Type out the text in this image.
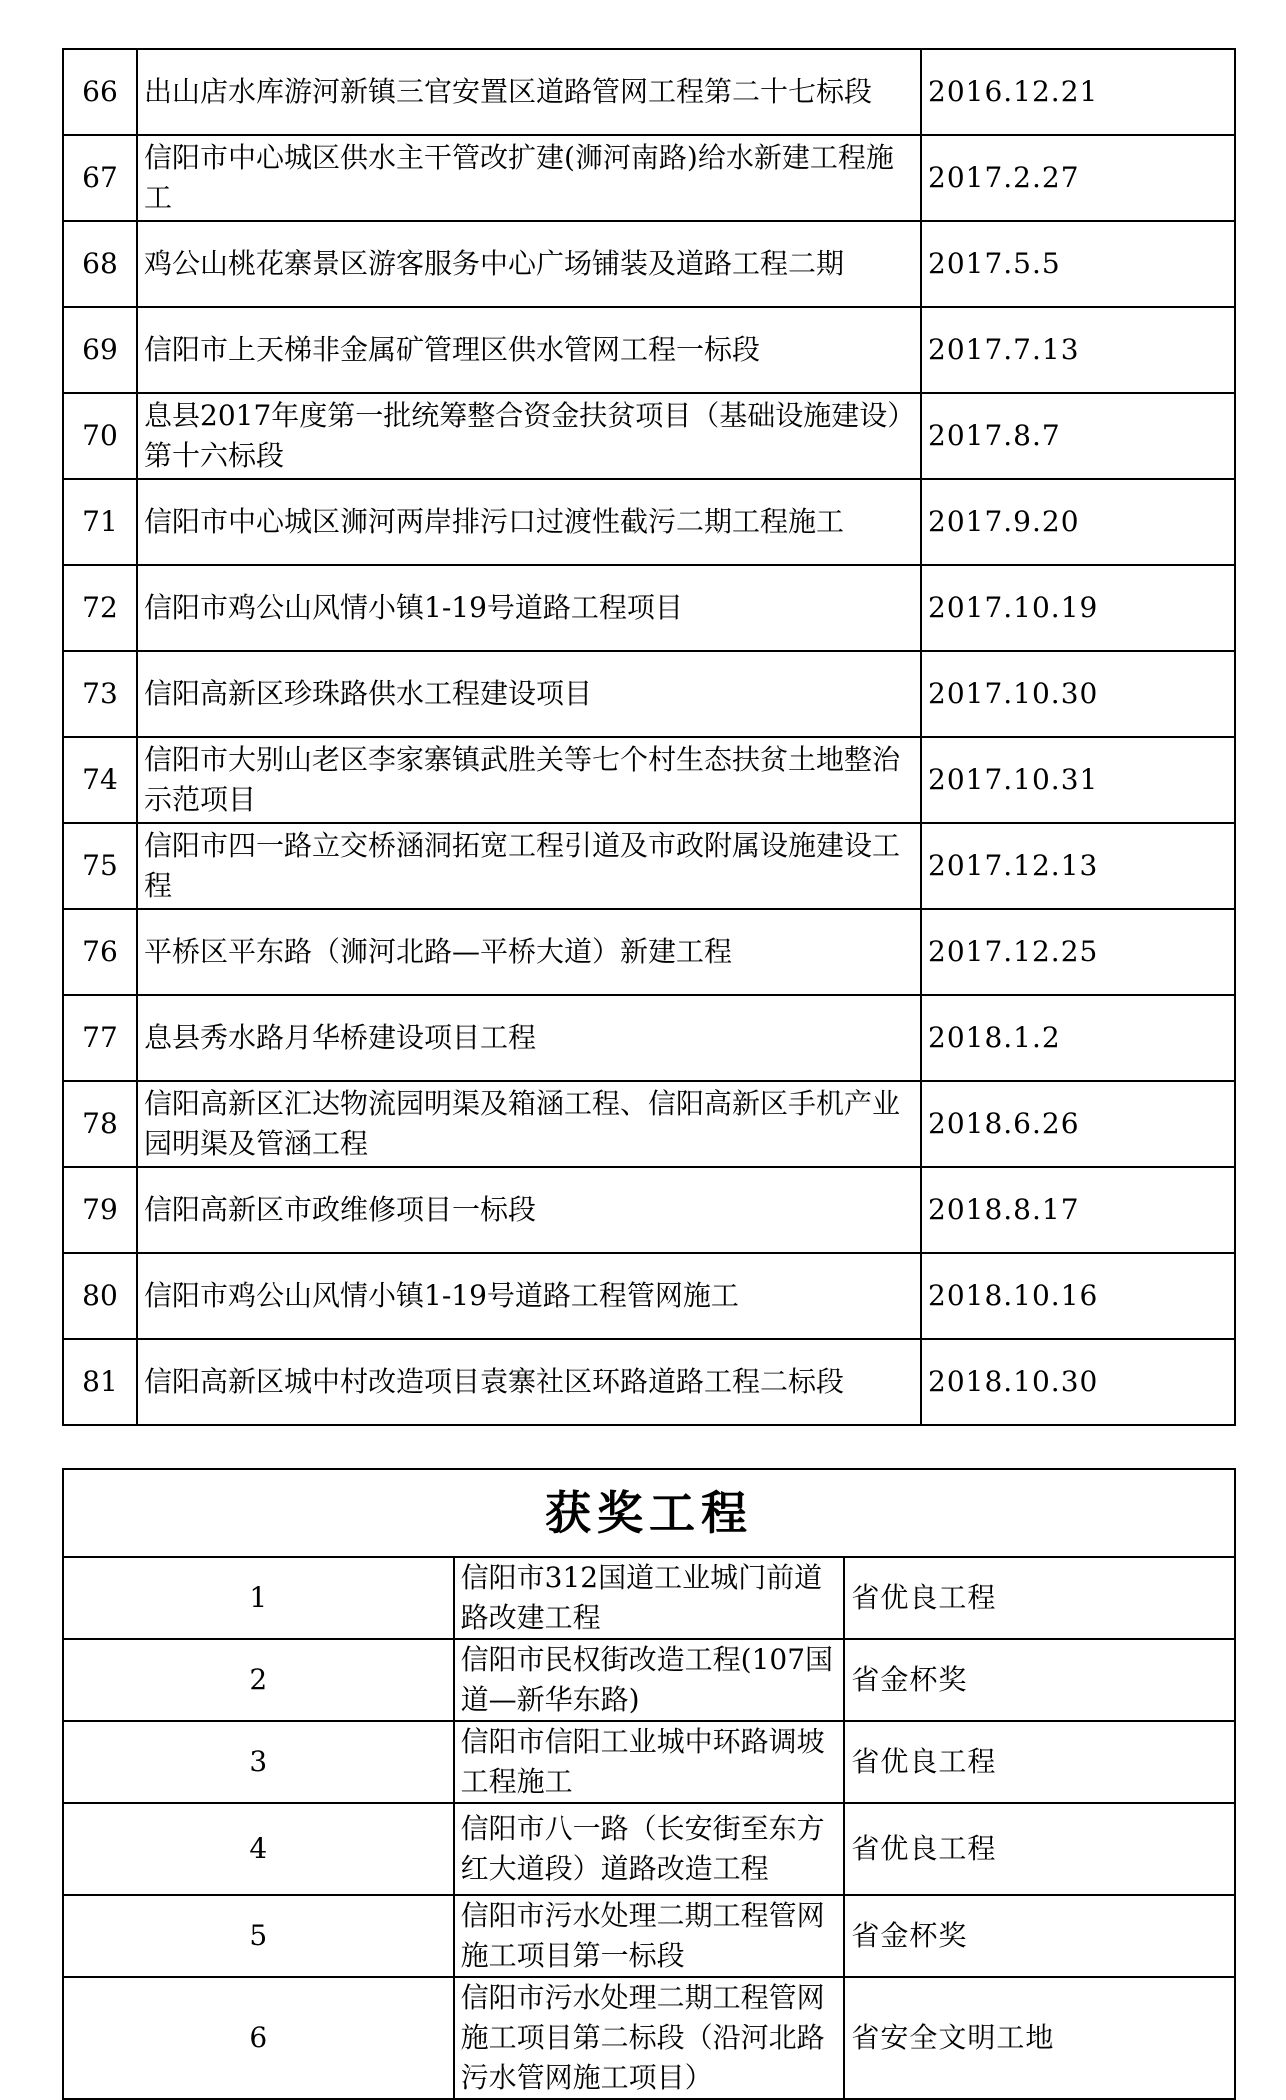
66	出山店水库游河新镇三官安置区道路管网工程第二十七标段	2016.12.21
67	信阳市中心城区供水主干管改扩建(浉河南路)给水新建工程施工	2017.2.27
68	鸡公山桃花寨景区游客服务中心广场铺装及道路工程二期	2017.5.5
69	信阳市上天梯非金属矿管理区供水管网工程一标段	2017.7.13
70	息县2017年度第一批统筹整合资金扶贫项目（基础设施建设）第十六标段	2017.8.7
71	信阳市中心城区浉河两岸排污口过渡性截污二期工程施工	2017.9.20
72	信阳市鸡公山风情小镇1-19号道路工程项目	2017.10.19
73	信阳高新区珍珠路供水工程建设项目	2017.10.30
74	信阳市大别山老区李家寨镇武胜关等七个村生态扶贫土地整治示范项目	2017.10.31
75	信阳市四一路立交桥涵洞拓宽工程引道及市政附属设施建设工程	2017.12.13
76	平桥区平东路（浉河北路—平桥大道）新建工程	2017.12.25
77	息县秀水路月华桥建设项目工程	2018.1.2
78	信阳高新区汇达物流园明渠及箱涵工程、信阳高新区手机产业园明渠及管涵工程	2018.6.26
79	信阳高新区市政维修项目一标段	2018.8.17
80	信阳市鸡公山风情小镇1-19号道路工程管网施工	2018.10.16
81	信阳高新区城中村改造项目袁寨社区环路道路工程二标段	2018.10.30
获奖工程		
1	信阳市312国道工业城门前道路改建工程	省优良工程
2	信阳市民权街改造工程(107国道—新华东路)	省金杯奖
3	信阳市信阳工业城中环路调坡工程施工	省优良工程
4	信阳市八一路（长安街至东方红大道段）道路改造工程	省优良工程
5	信阳市污水处理二期工程管网施工项目第一标段	省金杯奖
6	信阳市污水处理二期工程管网施工项目第二标段（沿河北路污水管网施工项目）	省安全文明工地
